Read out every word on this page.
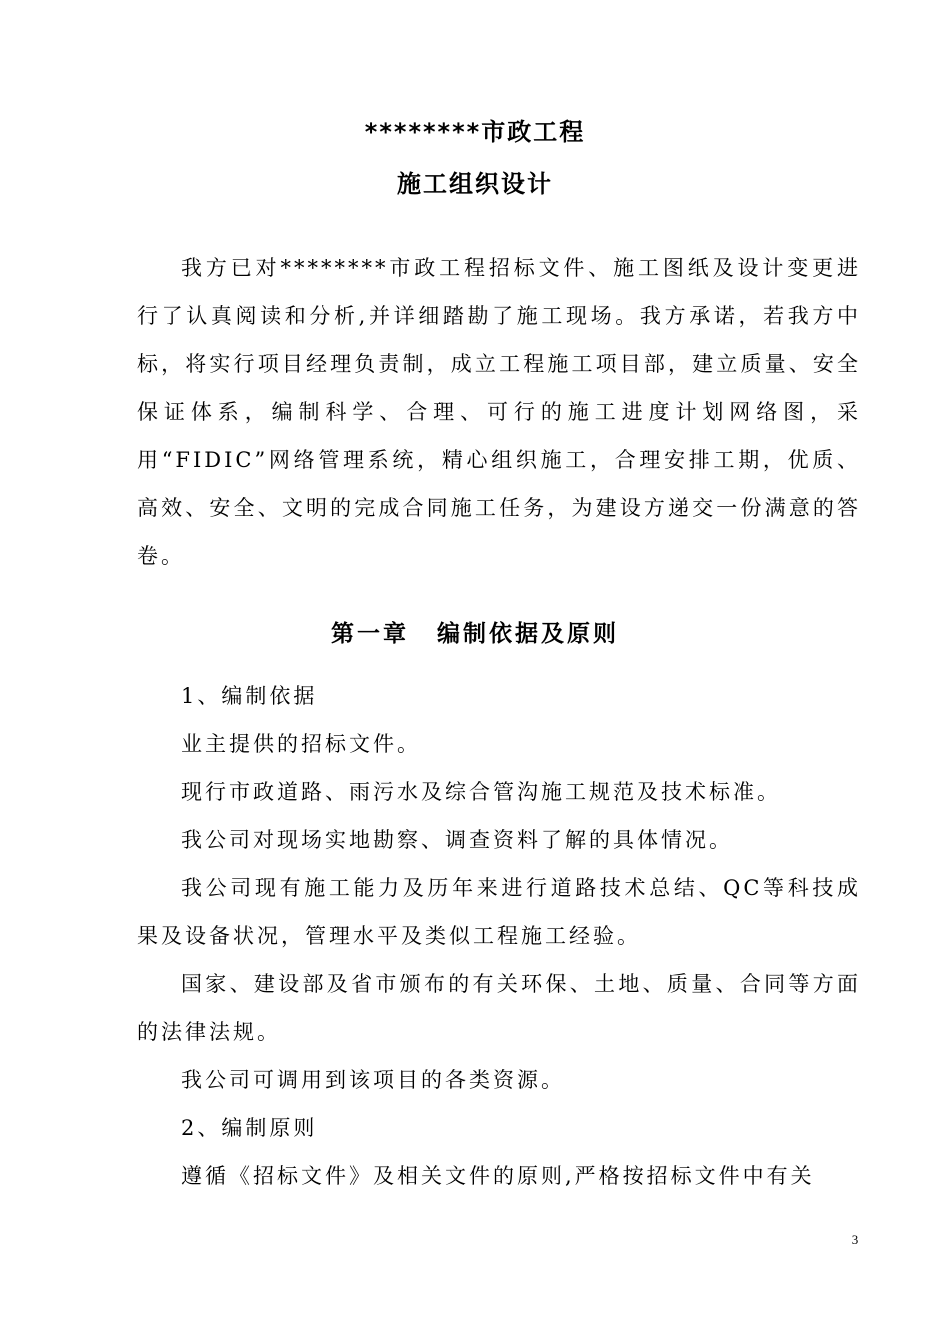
********市政工程
施工组织设计

我方已对********市政工程招标文件、施工图纸及设计变更进行了认真阅读和分析,并详细踏勘了施工现场。我方承诺，若我方中标，将实行项目经理负责制，成立工程施工项目部，建立质量、安全保证体系，编制科学、合理、可行的施工进度计划网络图，采用“FIDIC”网络管理系统，精心组织施工，合理安排工期，优质、高效、安全、文明的完成合同施工任务，为建设方递交一份满意的答卷。

第一章 编制依据及原则

1、编制依据

业主提供的招标文件。

现行市政道路、雨污水及综合管沟施工规范及技术标准。

我公司对现场实地勘察、调查资料了解的具体情况。

我公司现有施工能力及历年来进行道路技术总结、QC等科技成果及设备状况，管理水平及类似工程施工经验。

国家、建设部及省市颁布的有关环保、土地、质量、合同等方面的法律法规。

我公司可调用到该项目的各类资源。

2、编制原则

遵循《招标文件》及相关文件的原则,严格按招标文件中有关

3
